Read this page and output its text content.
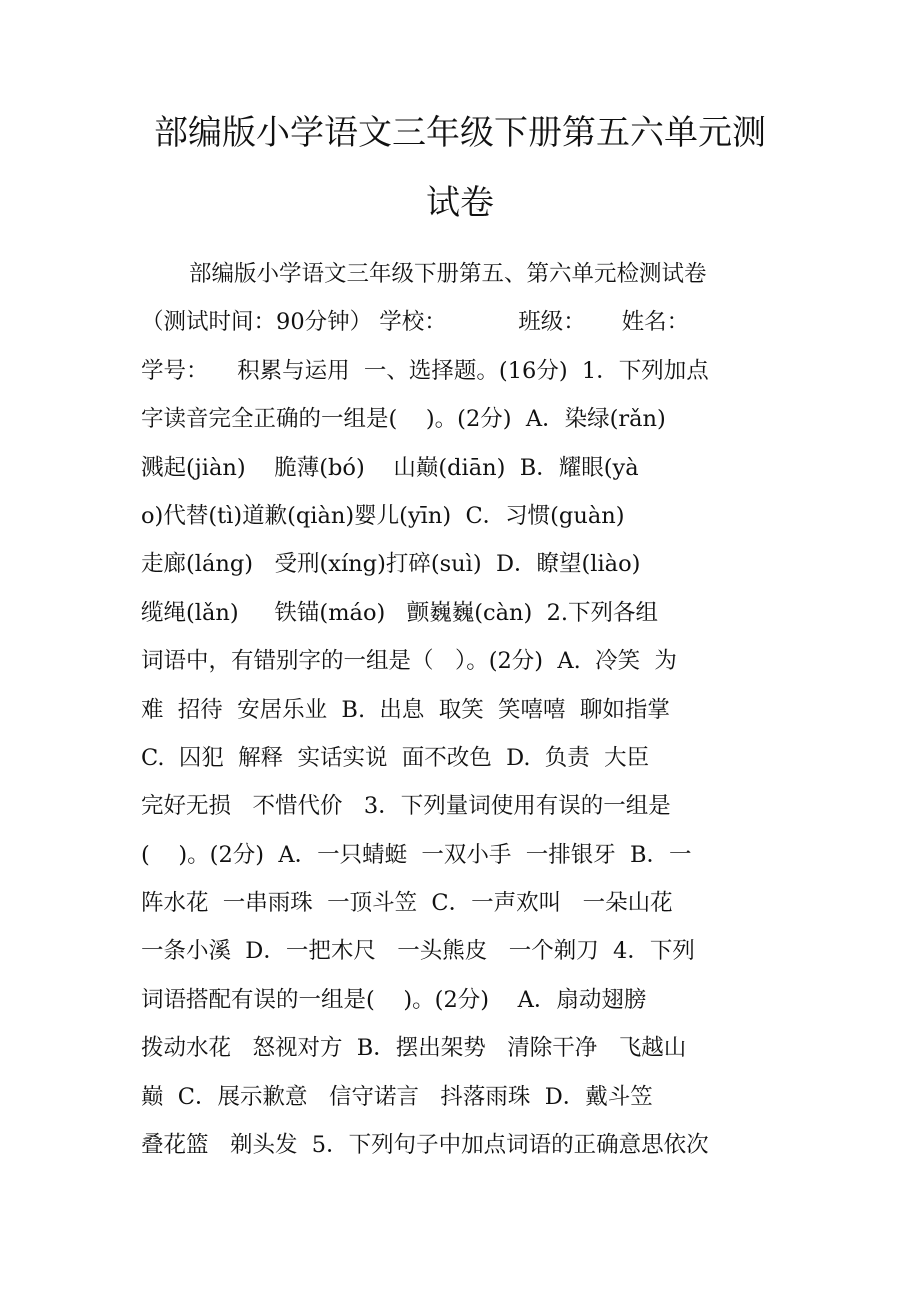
部编版小学语文三年级下册第五六单元测
试卷
部编版小学语文三年级下册第五、第六单元检测试卷
（测试时间：90分钟） 学校：          班级：     姓名：
学号：    积累与运用  一、选择题。(16分)  1．下列加点
字读音完全正确的一组是(    )。(2分)  A．染绿(rǎn)
溅起(jiàn)    脆薄(bó)    山巅(diān)  B．耀眼(yà
o)代替(tì)道歉(qiàn)婴儿(yīn)  C．习惯(guàn)
走廊(láng)   受刑(xíng)打碎(suì)  D．瞭望(liào)
缆绳(lǎn)     铁锚(máo)   颤巍巍(càn)  2.下列各组
词语中，有错别字的一组是（   ）。(2分)  A.  冷笑  为
难  招待  安居乐业  B.  出息  取笑  笑嘻嘻  聊如指掌
C.  囚犯  解释  实话实说  面不改色  D.  负责  大臣
完好无损   不惜代价   3．下列量词使用有误的一组是
(    )。(2分)  A．一只蜻蜓  一双小手  一排银牙  B．一
阵水花  一串雨珠  一顶斗笠  C．一声欢叫   一朵山花
一条小溪  D．一把木尺   一头熊皮   一个剃刀  4．下列
词语搭配有误的一组是(    )。(2分)    A．扇动翅膀
拨动水花   怒视对方  B．摆出架势   清除干净   飞越山
巅  C．展示歉意   信守诺言   抖落雨珠  D．戴斗笠
叠花篮   剃头发  5．下列句子中加点词语的正确意思依次
